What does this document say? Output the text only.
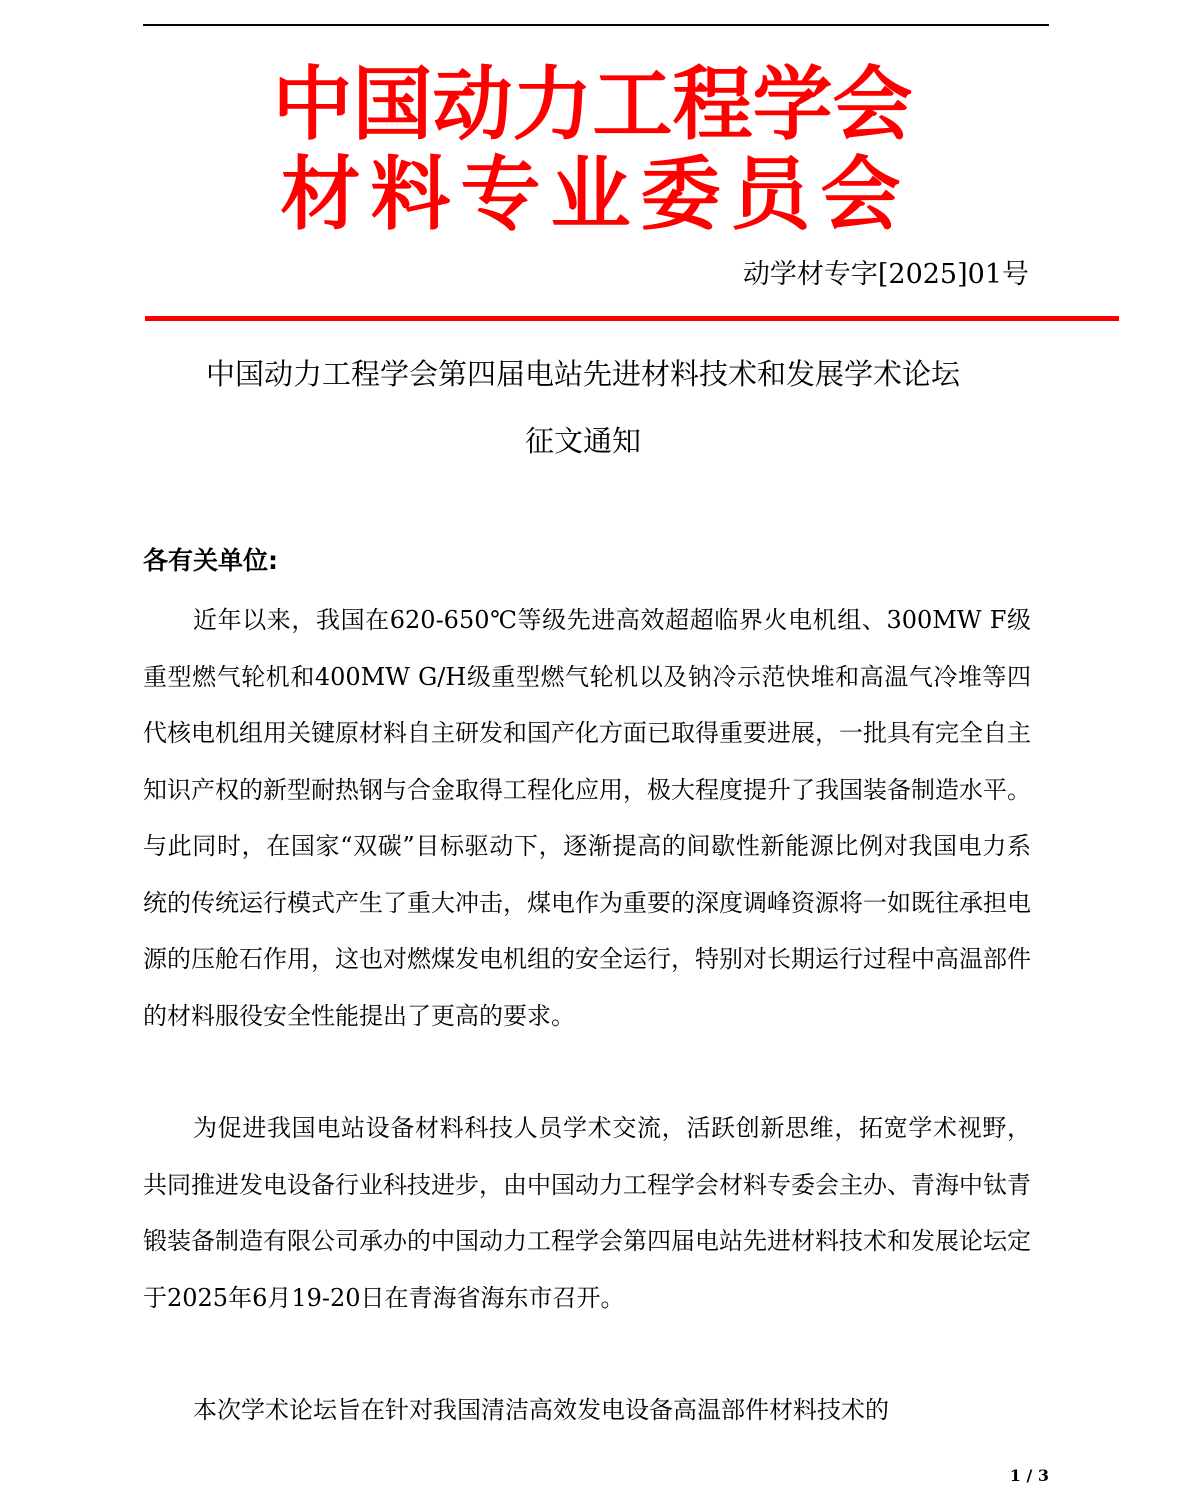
中国动力工程学会
材料专业委员会
动学材专字[2025]01号
中国动力工程学会第四届电站先进材料技术和发展学术论坛
征文通知
各有关单位:

近年以来，我国在620-650℃等级先进高效超超临界火电机组、300MW F级重型燃气轮机和400MW G/H级重型燃气轮机以及钠冷示范快堆和高温气冷堆等四代核电机组用关键原材料自主研发和国产化方面已取得重要进展，一批具有完全自主知识产权的新型耐热钢与合金取得工程化应用，极大程度提升了我国装备制造水平。与此同时，在国家“双碳”目标驱动下，逐渐提高的间歇性新能源比例对我国电力系统的传统运行模式产生了重大冲击，煤电作为重要的深度调峰资源将一如既往承担电源的压舱石作用，这也对燃煤发电机组的安全运行，特别对长期运行过程中高温部件的材料服役安全性能提出了更高的要求。

为促进我国电站设备材料科技人员学术交流，活跃创新思维，拓宽学术视野，共同推进发电设备行业科技进步，由中国动力工程学会材料专委会主办、青海中钛青锻装备制造有限公司承办的中国动力工程学会第四届电站先进材料技术和发展论坛定于2025年6月19-20日在青海省海东市召开。

本次学术论坛旨在针对我国清洁高效发电设备高温部件材料技术的

1 / 3
